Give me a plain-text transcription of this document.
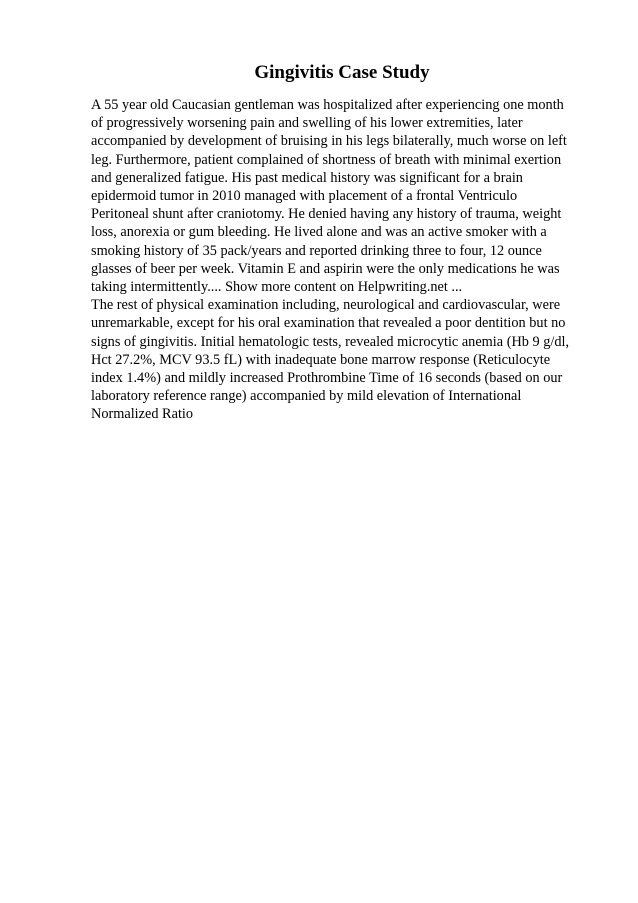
Gingivitis Case Study
A 55 year old Caucasian gentleman was hospitalized after experiencing one month
of progressively worsening pain and swelling of his lower extremities, later
accompanied by development of bruising in his legs bilaterally, much worse on left
leg. Furthermore, patient complained of shortness of breath with minimal exertion
and generalized fatigue. His past medical history was significant for a brain
epidermoid tumor in 2010 managed with placement of a frontal Ventriculo
Peritoneal shunt after craniotomy. He denied having any history of trauma, weight
loss, anorexia or gum bleeding. He lived alone and was an active smoker with a
smoking history of 35 pack/years and reported drinking three to four, 12 ounce
glasses of beer per week. Vitamin E and aspirin were the only medications he was
taking intermittently.... Show more content on Helpwriting.net ...
The rest of physical examination including, neurological and cardiovascular, were
unremarkable, except for his oral examination that revealed a poor dentition but no
signs of gingivitis. Initial hematologic tests, revealed microcytic anemia (Hb 9 g/dl,
Hct 27.2%, MCV 93.5 fL) with inadequate bone marrow response (Reticulocyte
index 1.4%) and mildly increased Prothrombine Time of 16 seconds (based on our
laboratory reference range) accompanied by mild elevation of International
Normalized Ratio
